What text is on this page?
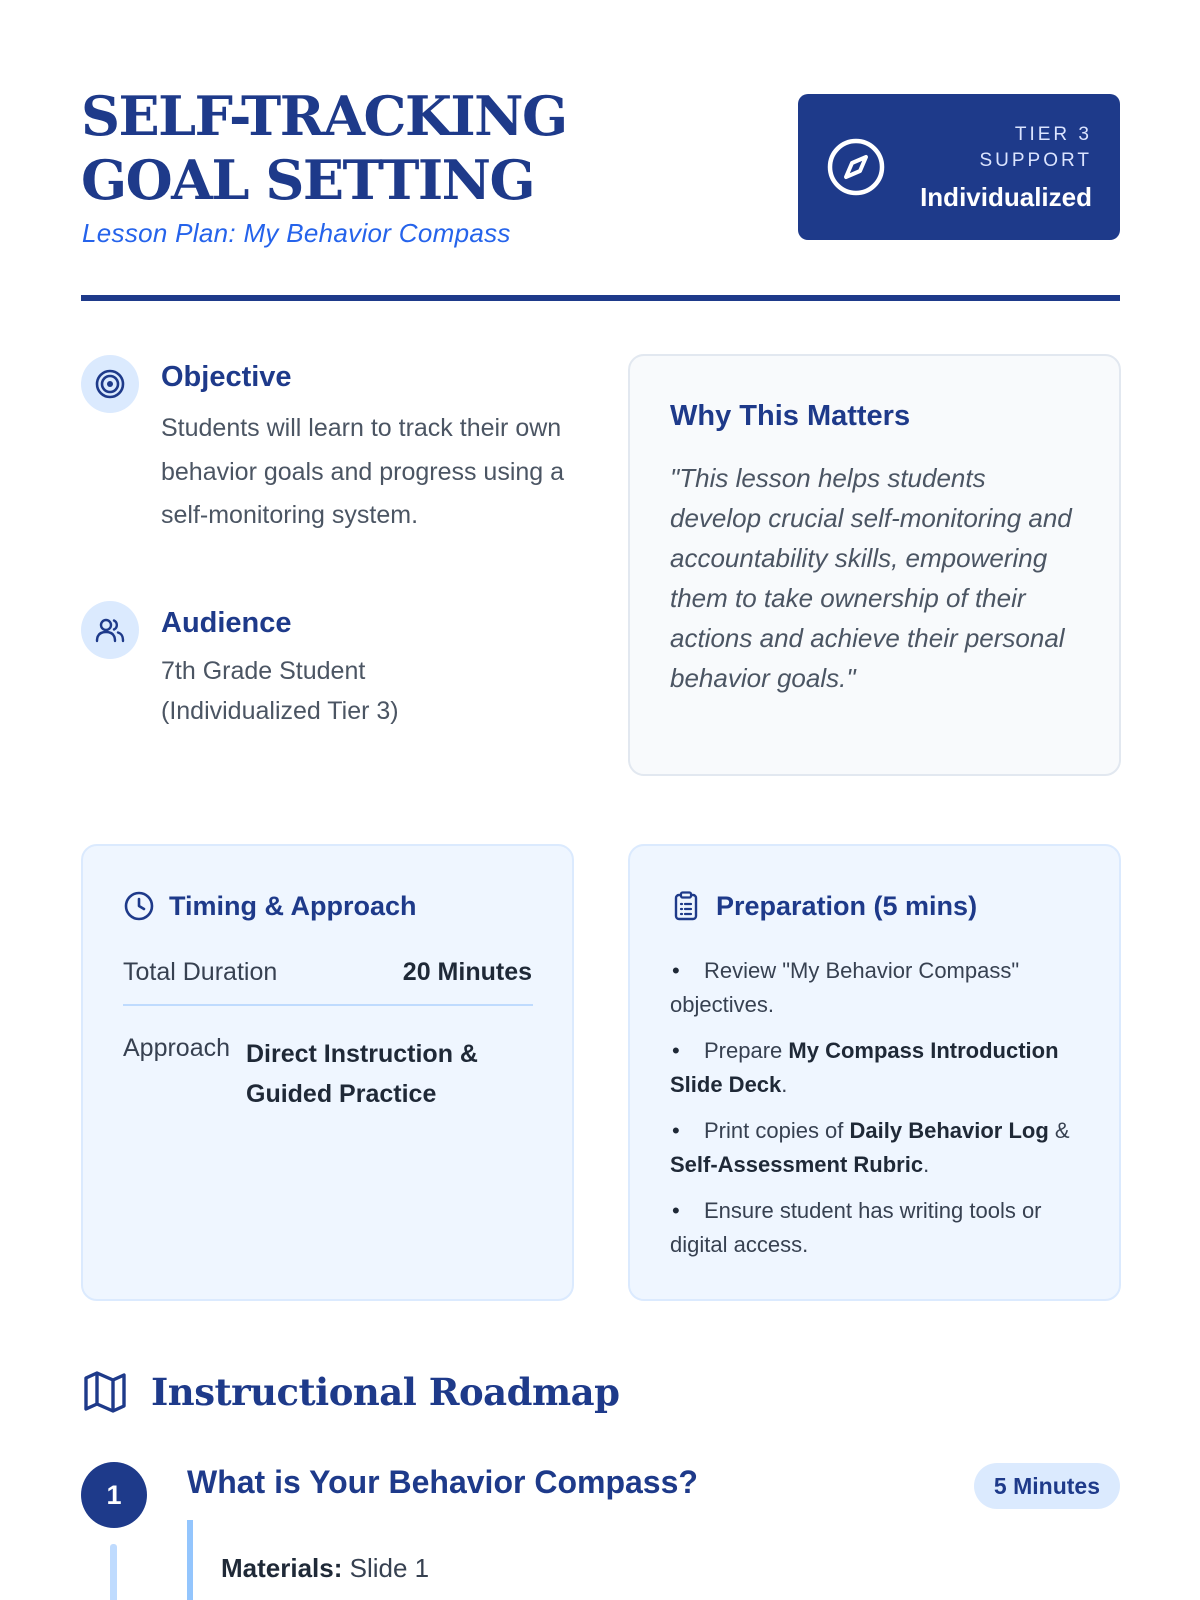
SELF-TRACKING GOAL SETTING
Lesson Plan: My Behavior Compass
TIER 3 SUPPORT
Individualized
Objective
Students will learn to track their own behavior goals and progress using a self-monitoring system.
Audience
7th Grade Student (Individualized Tier 3)
Why This Matters
"This lesson helps students develop crucial self-monitoring and accountability skills, empowering them to take ownership of their actions and achieve their personal behavior goals."
Timing & Approach
Total Duration	20 Minutes
Approach Direct Instruction & Guided Practice
Preparation (5 mins)
• Review "My Behavior Compass" objectives.
• Prepare My Compass Introduction Slide Deck.
• Print copies of Daily Behavior Log & Self-Assessment Rubric.
• Ensure student has writing tools or digital access.
Instructional Roadmap
1	What is Your Behavior Compass?	5 Minutes
Materials: Slide 1
